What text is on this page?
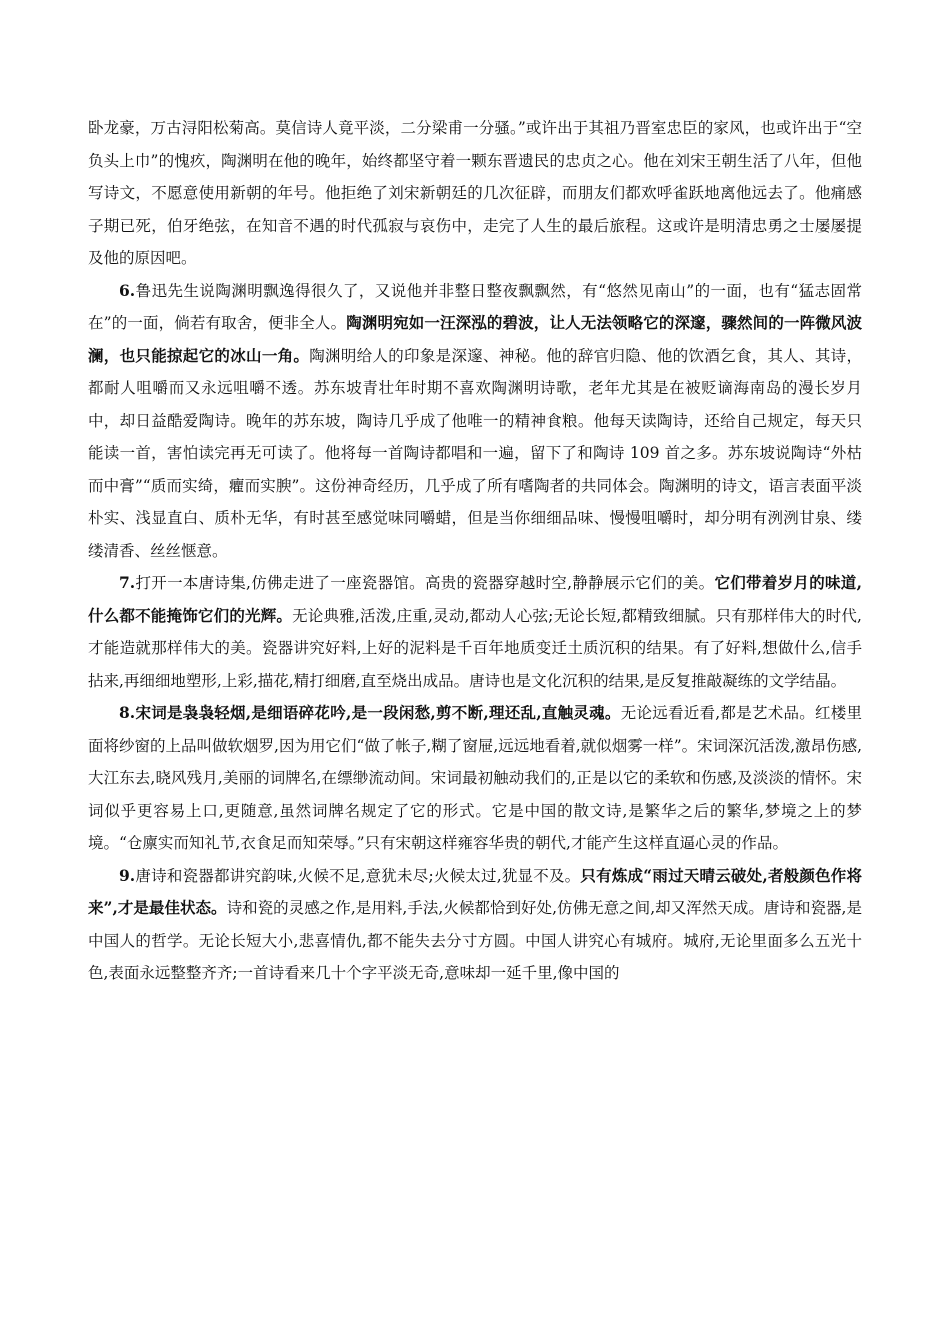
卧龙豪，万古浔阳松菊高。莫信诗人竟平淡，二分梁甫一分骚。”或许出于其祖乃晋室忠臣的家风，也或许出于“空负头上巾”的愧疚，陶渊明在他的晚年，始终都坚守着一颗东晋遗民的忠贞之心。他在刘宋王朝生活了八年，但他写诗文，不愿意使用新朝的年号。他拒绝了刘宋新朝廷的几次征辟，而朋友们都欢呼雀跃地离他远去了。他痛感子期已死，伯牙绝弦，在知音不遇的时代孤寂与哀伤中，走完了人生的最后旅程。这或许是明清忠勇之士屡屡提及他的原因吧。

6.鲁迅先生说陶渊明飘逸得很久了，又说他并非整日整夜飘飘然，有“悠然见南山”的一面，也有“猛志固常在”的一面，倘若有取舍，便非全人。陶渊明宛如一汪深泓的碧波，让人无法领略它的深邃，骤然间的一阵微风波澜，也只能掠起它的冰山一角。陶渊明给人的印象是深邃、神秘。他的辞官归隐、他的饮酒乞食，其人、其诗，都耐人咀嚼而又永远咀嚼不透。苏东坡青壮年时期不喜欢陶渊明诗歌，老年尤其是在被贬谪海南岛的漫长岁月中，却日益酷爱陶诗。晚年的苏东坡，陶诗几乎成了他唯一的精神食粮。他每天读陶诗，还给自己规定，每天只能读一首，害怕读完再无可读了。他将每一首陶诗都唱和一遍，留下了和陶诗 109 首之多。苏东坡说陶诗“外枯而中膏”“质而实绮，癯而实腴”。这份神奇经历，几乎成了所有嗜陶者的共同体会。陶渊明的诗文，语言表面平淡朴实、浅显直白、质朴无华，有时甚至感觉味同嚼蜡，但是当你细细品味、慢慢咀嚼时，却分明有洌洌甘泉、缕缕清香、丝丝惬意。

7.打开一本唐诗集,仿佛走进了一座瓷器馆。高贵的瓷器穿越时空,静静展示它们的美。它们带着岁月的味道,什么都不能掩饰它们的光辉。无论典雅,活泼,庄重,灵动,都动人心弦;无论长短,都精致细腻。只有那样伟大的时代,才能造就那样伟大的美。瓷器讲究好料,上好的泥料是千百年地质变迁土质沉积的结果。有了好料,想做什么,信手拈来,再细细地塑形,上彩,描花,精打细磨,直至烧出成品。唐诗也是文化沉积的结果,是反复推敲凝练的文学结晶。

8.宋词是袅袅轻烟,是细语碎花吟,是一段闲愁,剪不断,理还乱,直触灵魂。无论远看近看,都是艺术品。红楼里面将纱窗的上品叫做软烟罗,因为用它们“做了帐子,糊了窗屉,远远地看着,就似烟雾一样”。宋词深沉活泼,激昂伤感,大江东去,晓风残月,美丽的词牌名,在缥缈流动间。宋词最初触动我们的,正是以它的柔软和伤感,及淡淡的情怀。宋词似乎更容易上口,更随意,虽然词牌名规定了它的形式。它是中国的散文诗,是繁华之后的繁华,梦境之上的梦境。“仓廪实而知礼节,衣食足而知荣辱。”只有宋朝这样雍容华贵的朝代,才能产生这样直逼心灵的作品。

9.唐诗和瓷器都讲究韵味,火候不足,意犹未尽;火候太过,犹显不及。只有炼成“雨过天晴云破处,者般颜色作将来”,才是最佳状态。诗和瓷的灵感之作,是用料,手法,火候都恰到好处,仿佛无意之间,却又浑然天成。唐诗和瓷器,是中国人的哲学。无论长短大小,悲喜情仇,都不能失去分寸方圆。中国人讲究心有城府。城府,无论里面多么五光十色,表面永远整整齐齐;一首诗看来几十个字平淡无奇,意味却一延千里,像中国的
